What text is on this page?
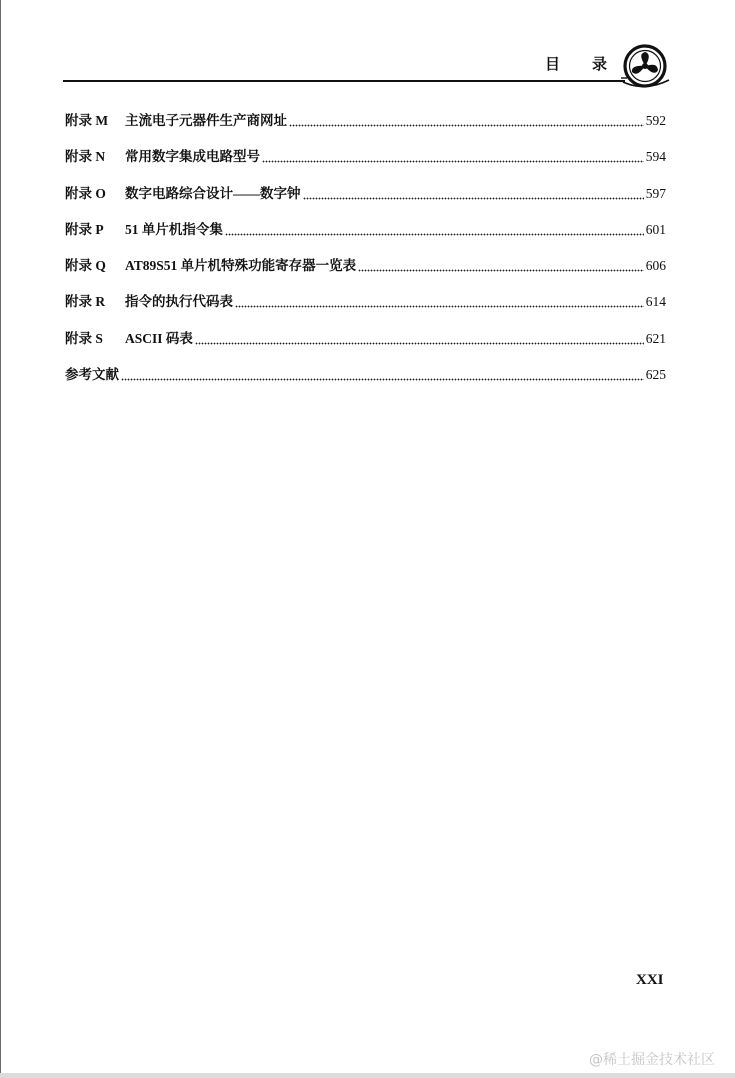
目 录
附录 M	主流电子元器件生产商网址	592
附录 N	常用数字集成电路型号	594
附录 O	数字电路综合设计——数字钟	597
附录 P	51 单片机指令集	601
附录 Q	AT89S51 单片机特殊功能寄存器一览表	606
附录 R	指令的执行代码表	614
附录 S	ASCII 码表	621
参考文献	625
XXI
@稀土掘金技术社区
